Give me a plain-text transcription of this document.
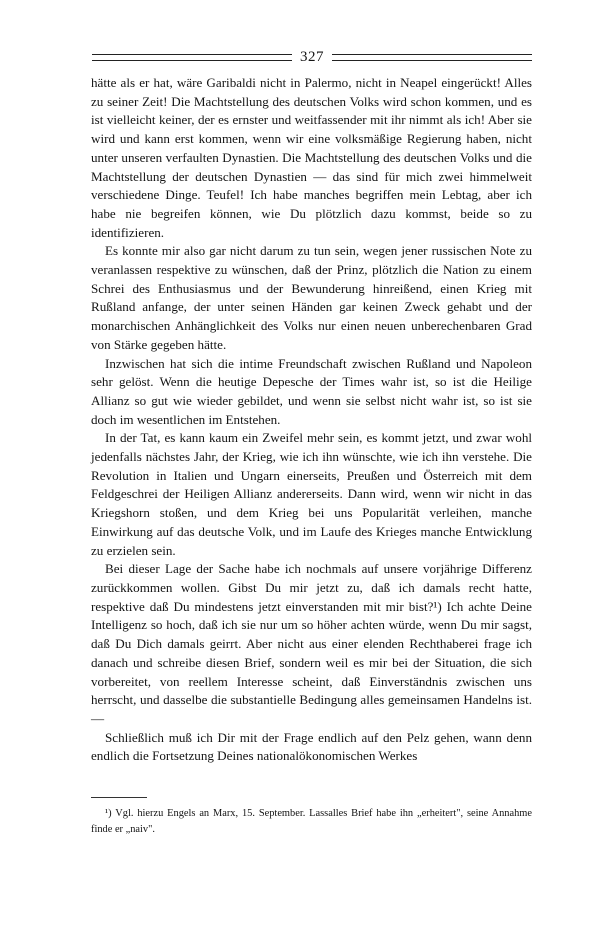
327

hätte als er hat, wäre Garibaldi nicht in Palermo, nicht in Neapel eingerückt! Alles zu seiner Zeit! Die Machtstellung des deutschen Volks wird schon kommen, und es ist vielleicht keiner, der es ernster und weitfassender mit ihr nimmt als ich! Aber sie wird und kann erst kommen, wenn wir eine volksmäßige Regierung haben, nicht unter unseren verfaulten Dynastien. Die Machtstellung des deutschen Volks und die Machtstellung der deutschen Dynastien — das sind für mich zwei himmelweit verschiedene Dinge. Teufel! Ich habe manches begriffen mein Lebtag, aber ich habe nie begreifen können, wie Du plötzlich dazu kommst, beide so zu identifizieren.

Es konnte mir also gar nicht darum zu tun sein, wegen jener russischen Note zu veranlassen respektive zu wünschen, daß der Prinz, plötzlich die Nation zu einem Schrei des Enthusiasmus und der Bewunderung hinreißend, einen Krieg mit Rußland anfange, der unter seinen Händen gar keinen Zweck gehabt und der monarchischen Anhänglichkeit des Volks nur einen neuen unberechenbaren Grad von Stärke gegeben hätte.

Inzwischen hat sich die intime Freundschaft zwischen Rußland und Napoleon sehr gelöst. Wenn die heutige Depesche der Times wahr ist, so ist die Heilige Allianz so gut wie wieder gebildet, und wenn sie selbst nicht wahr ist, so ist sie doch im wesentlichen im Entstehen.

In der Tat, es kann kaum ein Zweifel mehr sein, es kommt jetzt, und zwar wohl jedenfalls nächstes Jahr, der Krieg, wie ich ihn wünschte, wie ich ihn verstehe. Die Revolution in Italien und Ungarn einerseits, Preußen und Österreich mit dem Feldgeschrei der Heiligen Allianz andererseits. Dann wird, wenn wir nicht in das Kriegshorn stoßen, und dem Krieg bei uns Popularität verleihen, manche Einwirkung auf das deutsche Volk, und im Laufe des Krieges manche Entwicklung zu erzielen sein.

Bei dieser Lage der Sache habe ich nochmals auf unsere vorjährige Differenz zurückkommen wollen. Gibst Du mir jetzt zu, daß ich damals recht hatte, respektive daß Du mindestens jetzt einverstanden mit mir bist?¹) Ich achte Deine Intelligenz so hoch, daß ich sie nur um so höher achten würde, wenn Du mir sagst, daß Du Dich damals geirrt. Aber nicht aus einer elenden Rechthaberei frage ich danach und schreibe diesen Brief, sondern weil es mir bei der Situation, die sich vorbereitet, von reellem Interesse scheint, daß Einverständnis zwischen uns herrscht, und dasselbe die substantielle Bedingung alles gemeinsamen Handelns ist. —

Schließlich muß ich Dir mit der Frage endlich auf den Pelz gehen, wann denn endlich die Fortsetzung Deines nationalökonomischen Werkes

¹) Vgl. hierzu Engels an Marx, 15. September. Lassalles Brief habe ihn „erheitert", seine Annahme finde er „naiv".
